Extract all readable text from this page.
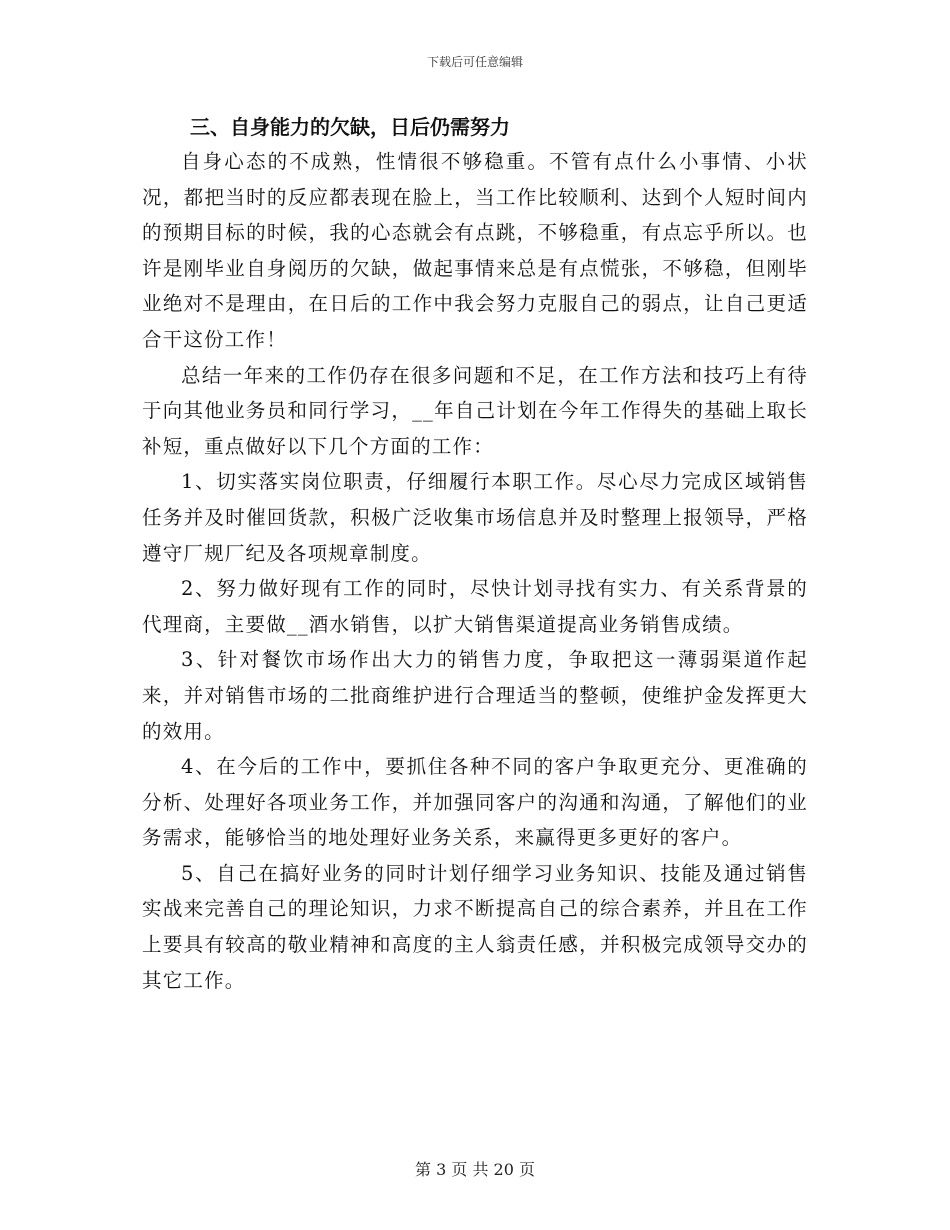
下载后可任意编辑
三、自身能力的欠缺，日后仍需努力

自身心态的不成熟，性情很不够稳重。不管有点什么小事情、小状况，都把当时的反应都表现在脸上，当工作比较顺利、达到个人短时间内的预期目标的时候，我的心态就会有点跳，不够稳重，有点忘乎所以。也许是刚毕业自身阅历的欠缺，做起事情来总是有点慌张，不够稳，但刚毕业绝对不是理由，在日后的工作中我会努力克服自己的弱点，让自己更适合干这份工作！

总结一年来的工作仍存在很多问题和不足，在工作方法和技巧上有待于向其他业务员和同行学习，__年自己计划在今年工作得失的基础上取长补短，重点做好以下几个方面的工作：

1、切实落实岗位职责，仔细履行本职工作。尽心尽力完成区域销售任务并及时催回货款，积极广泛收集市场信息并及时整理上报领导，严格遵守厂规厂纪及各项规章制度。

2、努力做好现有工作的同时，尽快计划寻找有实力、有关系背景的代理商，主要做__酒水销售，以扩大销售渠道提高业务销售成绩。

3、针对餐饮市场作出大力的销售力度，争取把这一薄弱渠道作起来，并对销售市场的二批商维护进行合理适当的整顿，使维护金发挥更大的效用。

4、在今后的工作中，要抓住各种不同的客户争取更充分、更准确的分析、处理好各项业务工作，并加强同客户的沟通和沟通，了解他们的业务需求，能够恰当的地处理好业务关系，来赢得更多更好的客户。

5、自己在搞好业务的同时计划仔细学习业务知识、技能及通过销售实战来完善自己的理论知识，力求不断提高自己的综合素养，并且在工作上要具有较高的敬业精神和高度的主人翁责任感，并积极完成领导交办的其它工作。

第 3 页 共 20 页
